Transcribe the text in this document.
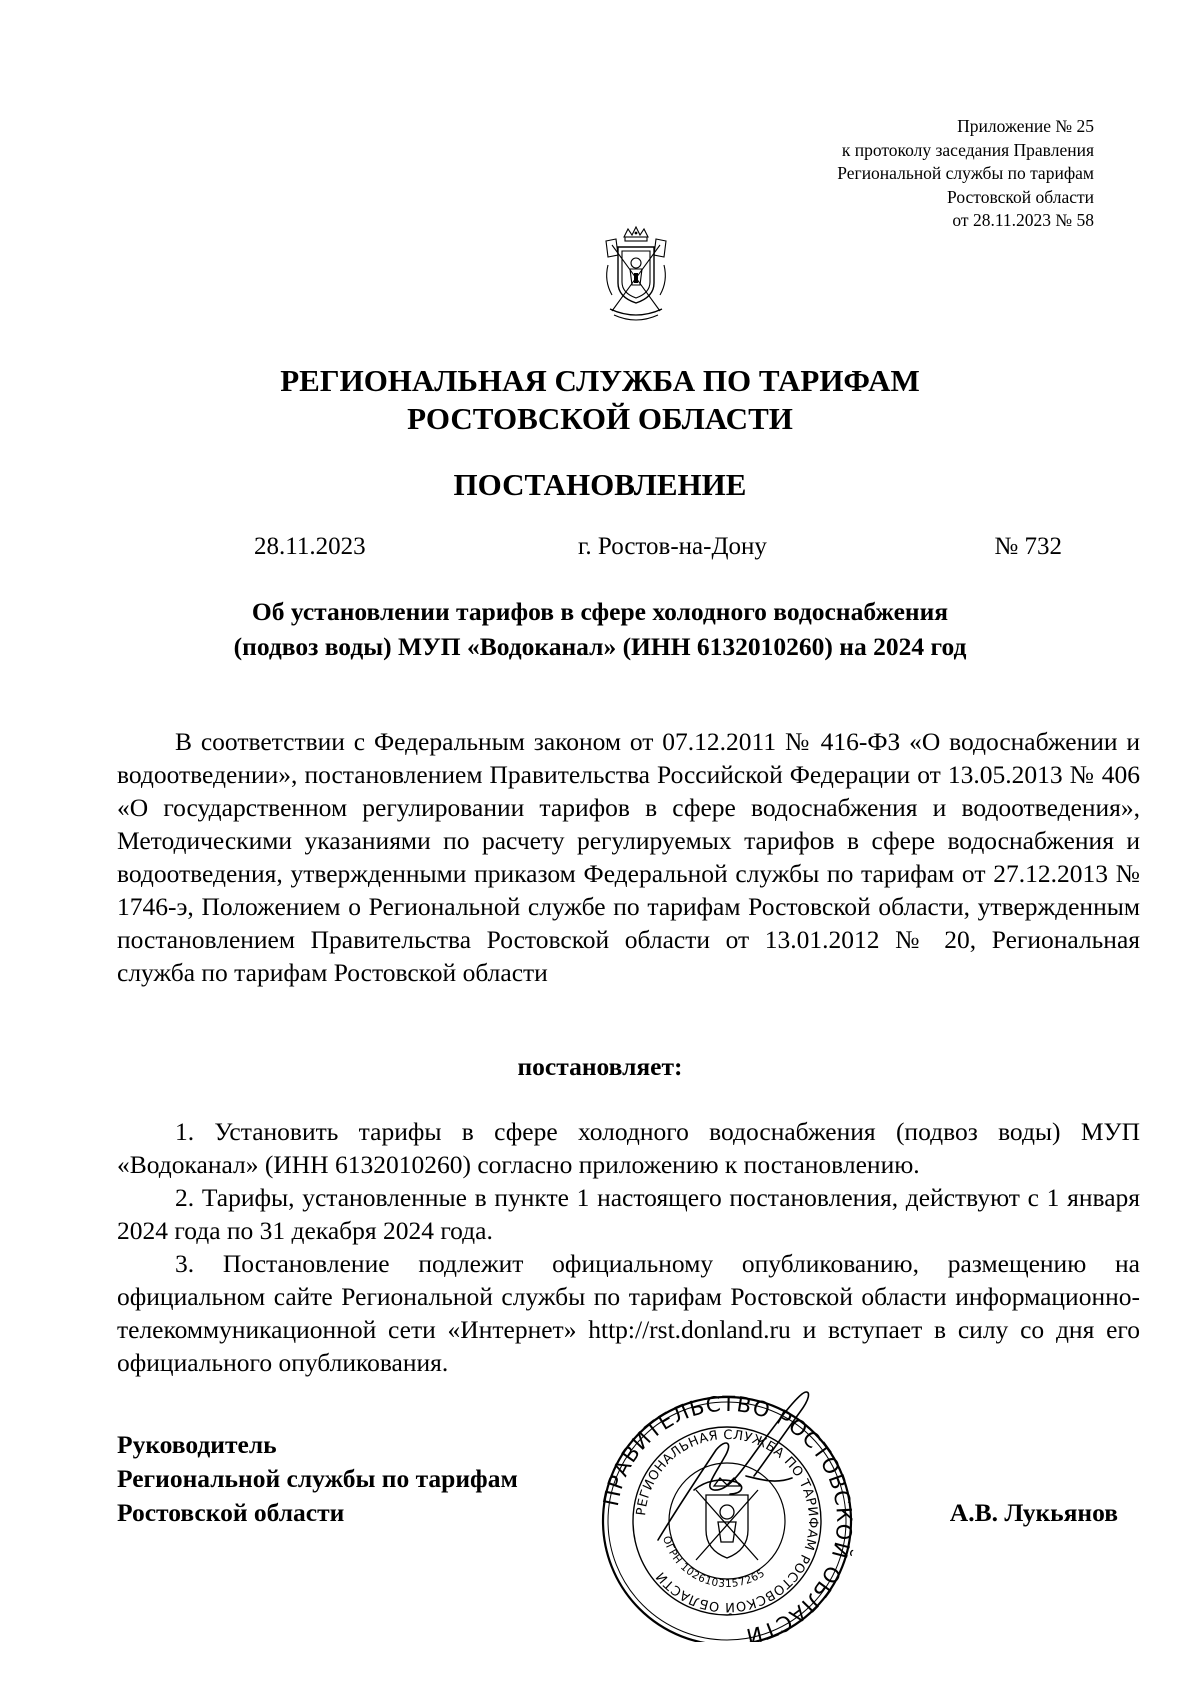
Приложение № 25
к протоколу заседания Правления
Региональной службы по тарифам
Ростовской области
от 28.11.2023 № 58
РЕГИОНАЛЬНАЯ СЛУЖБА ПО ТАРИФАМ
РОСТОВСКОЙ ОБЛАСТИ
ПОСТАНОВЛЕНИЕ
28.11.2023	г. Ростов-на-Дону	№ 732
Об установлении тарифов в сфере холодного водоснабжения
(подвоз воды) МУП «Водоканал» (ИНН 6132010260) на 2024 год
В соответствии с Федеральным законом от 07.12.2011 № 416-ФЗ «О водоснабжении и водоотведении», постановлением Правительства Российской Федерации от 13.05.2013 № 406 «О государственном регулировании тарифов в сфере водоснабжения и водоотведения», Методическими указаниями по расчету регулируемых тарифов в сфере водоснабжения и водоотведения, утвержденными приказом Федеральной службы по тарифам от 27.12.2013 № 1746-э, Положением о Региональной службе по тарифам Ростовской области, утвержденным постановлением Правительства Ростовской области от 13.01.2012 № 20, Региональная служба по тарифам Ростовской области
постановляет:

1. Установить тарифы в сфере холодного водоснабжения (подвоз воды) МУП «Водоканал» (ИНН 6132010260) согласно приложению к постановлению.

2. Тарифы, установленные в пункте 1 настоящего постановления, действуют с 1 января 2024 года по 31 декабря 2024 года.

3. Постановление подлежит официальному опубликованию, размещению на официальном сайте Региональной службы по тарифам Ростовской области информационно- телекоммуникационной сети «Интернет» http://rst.donland.ru и вступает в силу со дня его официального опубликования.

Руководитель
Региональной службы по тарифам
Ростовской области
ПРАВИТЕЛЬСТВО РОСТОВСКОЙ ОБЛАСТИ
РЕГИОНАЛЬНАЯ СЛУЖБА ПО ТАРИФАМ РОСТОВСКОЙ ОБЛАСТИ
ОГРН 1026103157265
А.В. Лукьянов
